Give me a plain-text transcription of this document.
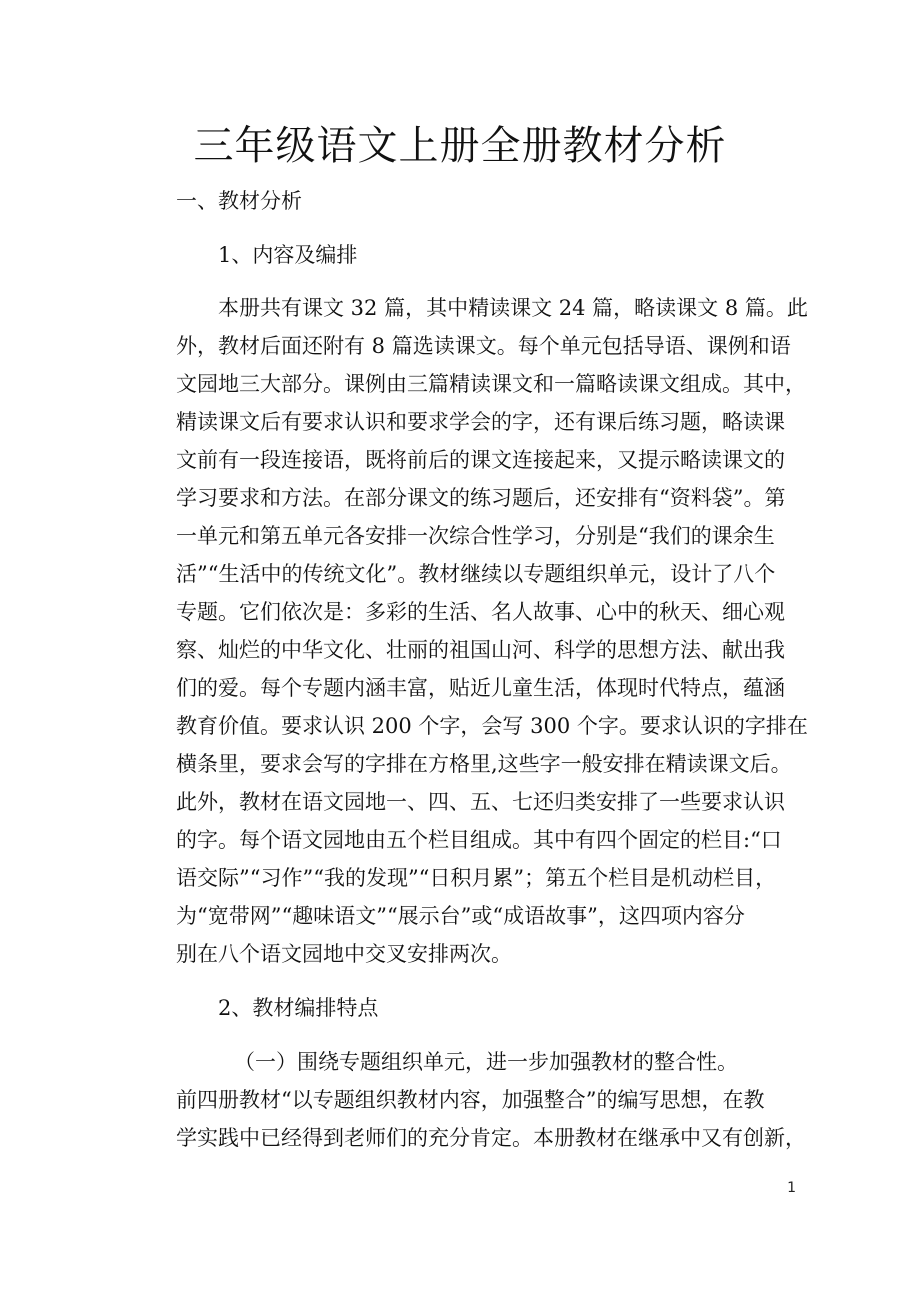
三年级语文上册全册教材分析
一、教材分析
1、内容及编排
本册共有课文 32 篇，其中精读课文 24 篇，略读课文 8 篇。此
外，教材后面还附有 8 篇选读课文。每个单元包括导语、课例和语
文园地三大部分。课例由三篇精读课文和一篇略读课文组成。其中，
精读课文后有要求认识和要求学会的字，还有课后练习题，略读课
文前有一段连接语，既将前后的课文连接起来，又提示略读课文的
学习要求和方法。在部分课文的练习题后，还安排有“资料袋”。第
一单元和第五单元各安排一次综合性学习，分别是“我们的课余生
活”“生活中的传统文化”。教材继续以专题组织单元，设计了八个
专题。它们依次是：多彩的生活、名人故事、心中的秋天、细心观
察、灿烂的中华文化、壮丽的祖国山河、科学的思想方法、献出我
们的爱。每个专题内涵丰富，贴近儿童生活，体现时代特点，蕴涵
教育价值。要求认识 200 个字，会写 300 个字。要求认识的字排在
横条里，要求会写的字排在方格里,这些字一般安排在精读课文后。
此外，教材在语文园地一、四、五、七还归类安排了一些要求认识
的字。每个语文园地由五个栏目组成。其中有四个固定的栏目:“口
语交际”“习作”“我的发现”“日积月累”；第五个栏目是机动栏目，
为“宽带网”“趣味语文”“展示台”或“成语故事”，这四项内容分
别在八个语文园地中交叉安排两次。
2、教材编排特点
（一）围绕专题组织单元，进一步加强教材的整合性。
前四册教材“以专题组织教材内容，加强整合”的编写思想，在教
学实践中已经得到老师们的充分肯定。本册教材在继承中又有创新，
1
